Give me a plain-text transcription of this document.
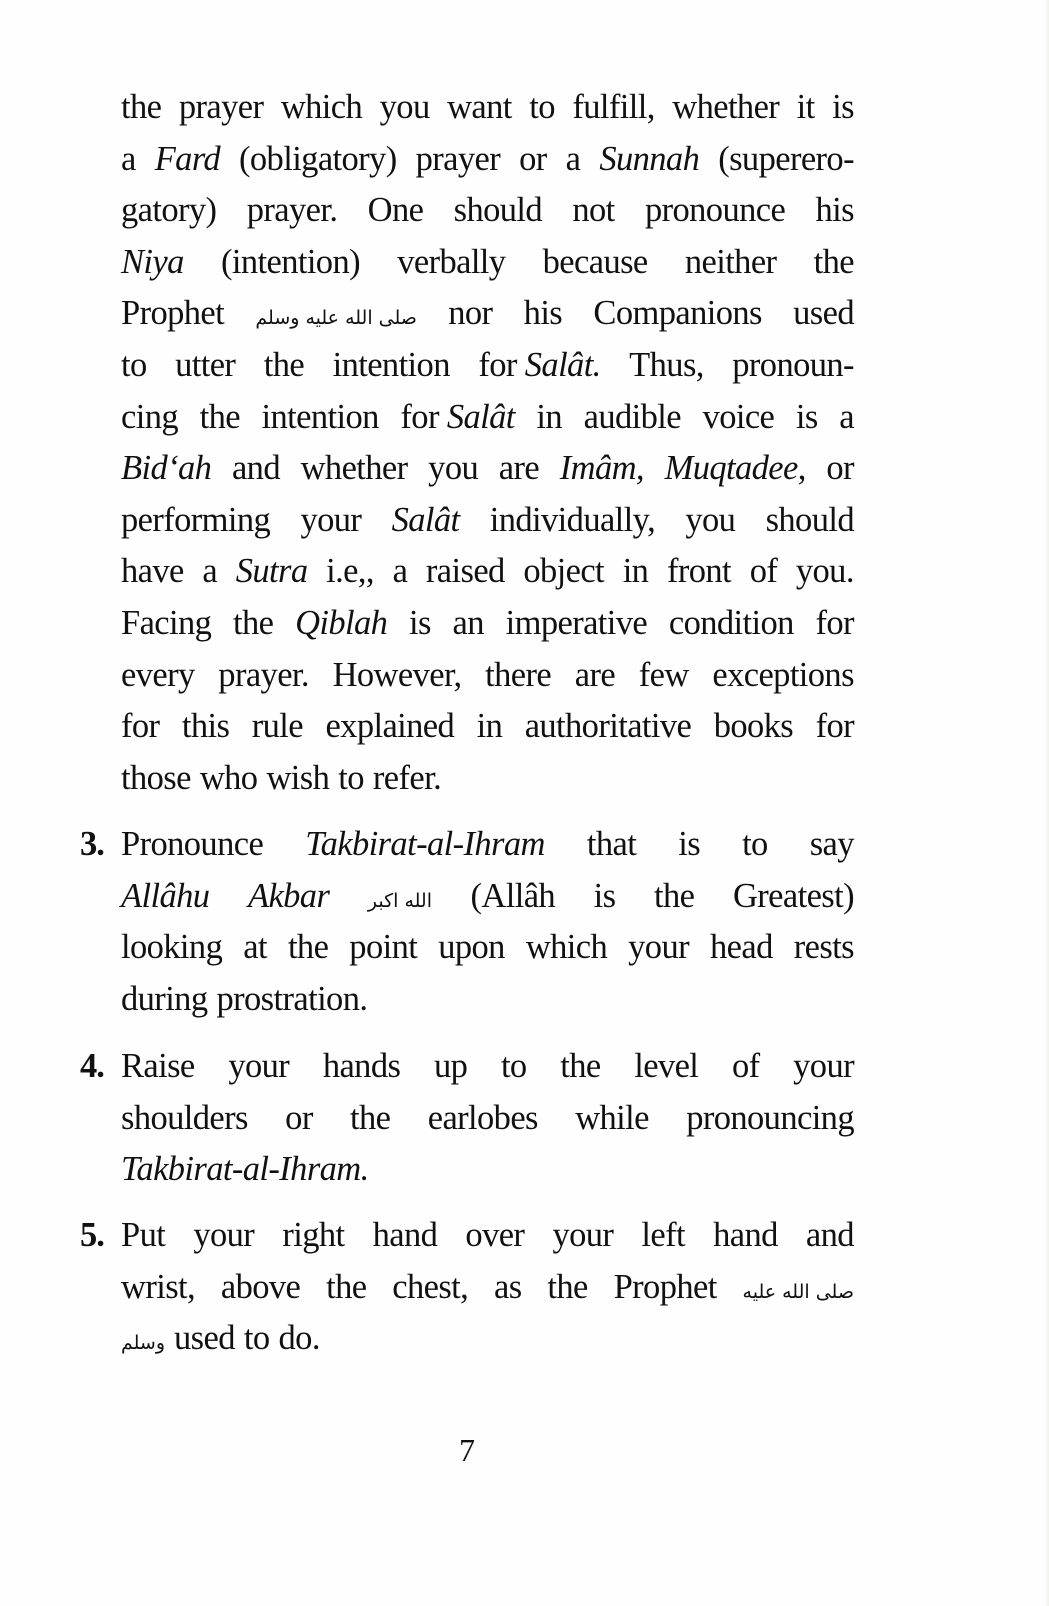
the prayer which you want to fulfill, whether it is
a Fard (obligatory) prayer or a Sunnah (superero-
gatory) prayer. One should not pronounce his
Niya (intention) verbally because neither the
Prophet صلى الله عليه وسلم nor his Companions used
to utter the intention for Salât. Thus, pronoun-
cing the intention for Salât in audible voice is a
Bid‘ah and whether you are Imâm, Muqtadee, or
performing your Salât individually, you should
have a Sutra i.e,, a raised object in front of you.
Facing the Qiblah is an imperative condition for
every prayer. However, there are few exceptions
for this rule explained in authoritative books for
those who wish to refer.
3. Pronounce Takbirat-al-Ihram that is to say
Allâhu Akbar الله اكبر (Allâh is the Greatest)
looking at the point upon which your head rests
during prostration.
4. Raise your hands up to the level of your
shoulders or the earlobes while pronouncing
Takbirat-al-Ihram.
5. Put your right hand over your left hand and
wrist, above the chest, as the Prophet صلى الله عليه
وسلم used to do.
7
